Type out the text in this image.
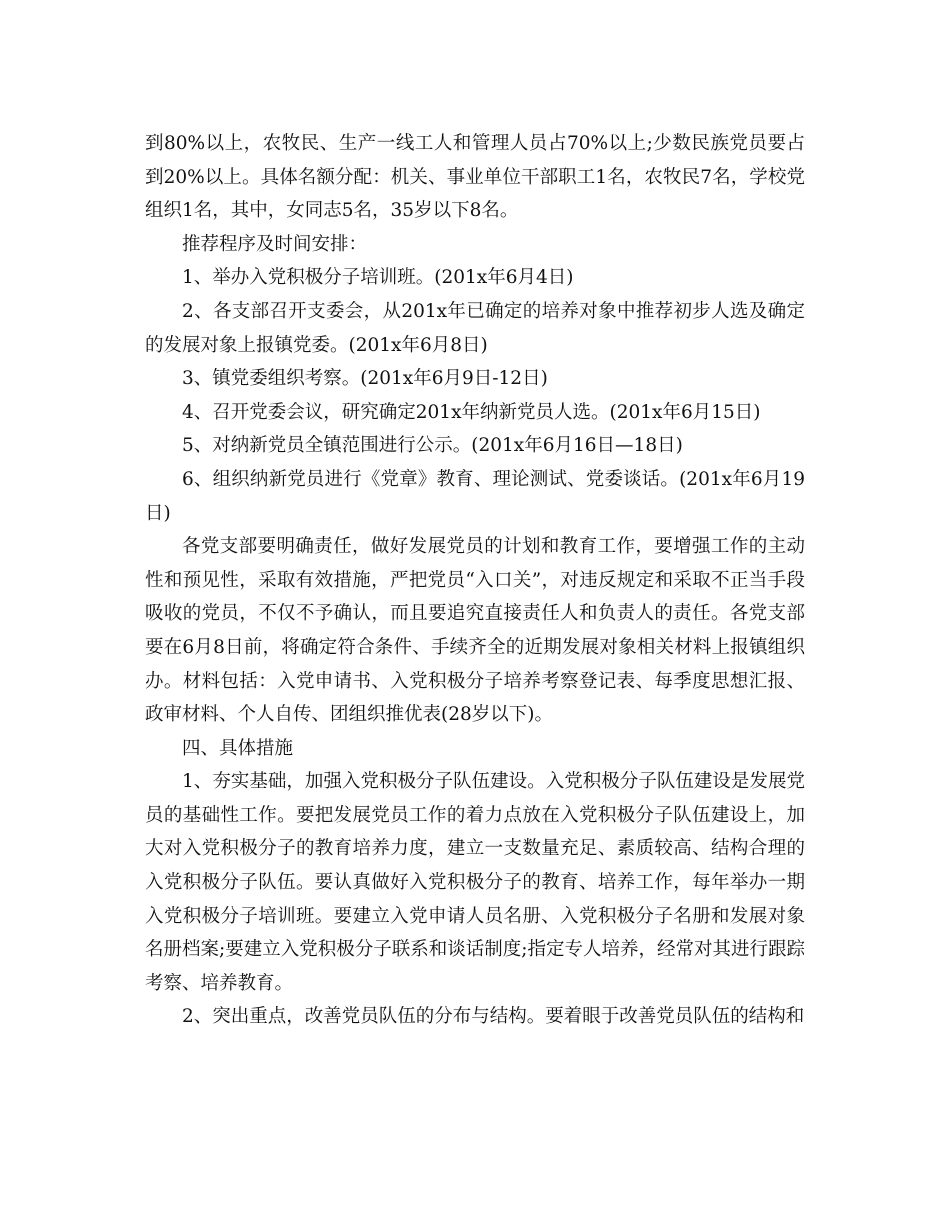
到80%以上，农牧民、生产一线工人和管理人员占70%以上;少数民族党员要占到20%以上。具体名额分配：机关、事业单位干部职工1名，农牧民7名，学校党组织1名，其中，女同志5名，35岁以下8名。

推荐程序及时间安排：

1、举办入党积极分子培训班。(201x年6月4日)

2、各支部召开支委会，从201x年已确定的培养对象中推荐初步人选及确定的发展对象上报镇党委。(201x年6月8日)

3、镇党委组织考察。(201x年6月9日-12日)

4、召开党委会议，研究确定201x年纳新党员人选。(201x年6月15日)

5、对纳新党员全镇范围进行公示。(201x年6月16日—18日)

6、组织纳新党员进行《党章》教育、理论测试、党委谈话。(201x年6月19日)

各党支部要明确责任，做好发展党员的计划和教育工作，要增强工作的主动性和预见性，采取有效措施，严把党员“入口关”，对违反规定和采取不正当手段吸收的党员，不仅不予确认，而且要追究直接责任人和负责人的责任。各党支部要在6月8日前，将确定符合条件、手续齐全的近期发展对象相关材料上报镇组织办。材料包括：入党申请书、入党积极分子培养考察登记表、每季度思想汇报、政审材料、个人自传、团组织推优表(28岁以下)。

四、具体措施

1、夯实基础，加强入党积极分子队伍建设。入党积极分子队伍建设是发展党员的基础性工作。要把发展党员工作的着力点放在入党积极分子队伍建设上，加大对入党积极分子的教育培养力度，建立一支数量充足、素质较高、结构合理的入党积极分子队伍。要认真做好入党积极分子的教育、培养工作，每年举办一期入党积极分子培训班。要建立入党申请人员名册、入党积极分子名册和发展对象名册档案;要建立入党积极分子联系和谈话制度;指定专人培养，经常对其进行跟踪考察、培养教育。

2、突出重点，改善党员队伍的分布与结构。要着眼于改善党员队伍的结构和
